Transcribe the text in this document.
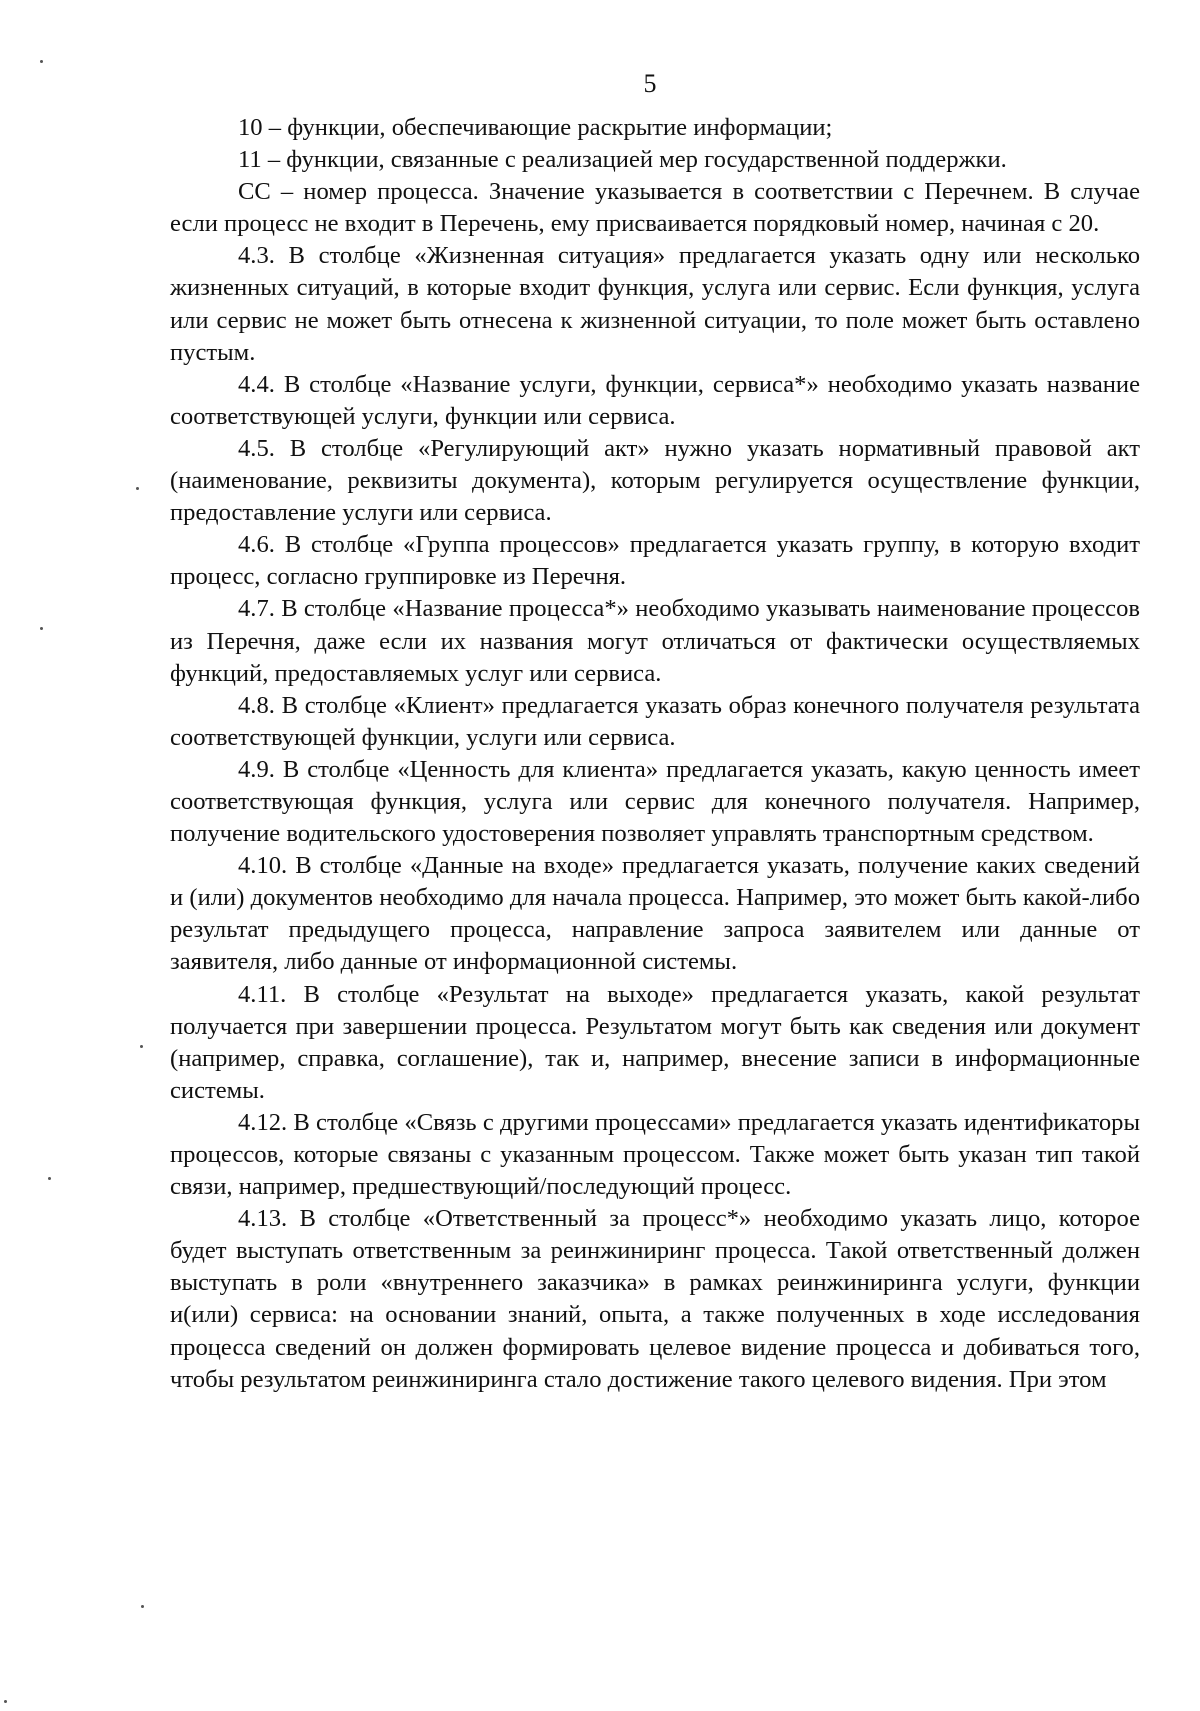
5

10 – функции, обеспечивающие раскрытие информации;

11 – функции, связанные с реализацией мер государственной поддержки.

СС – номер процесса. Значение указывается в соответствии с Перечнем. В случае если процесс не входит в Перечень, ему присваивается порядковый номер, начиная с 20.

4.3. В столбце «Жизненная ситуация» предлагается указать одну или несколько жизненных ситуаций, в которые входит функция, услуга или сервис. Если функция, услуга или сервис не может быть отнесена к жизненной ситуации, то поле может быть оставлено пустым.

4.4. В столбце «Название услуги, функции, сервиса*» необходимо указать название соответствующей услуги, функции или сервиса.

4.5. В столбце «Регулирующий акт» нужно указать нормативный правовой акт (наименование, реквизиты документа), которым регулируется осуществление функции, предоставление услуги или сервиса.

4.6. В столбце «Группа процессов» предлагается указать группу, в которую входит процесс, согласно группировке из Перечня.

4.7. В столбце «Название процесса*» необходимо указывать наименование процессов из Перечня, даже если их названия могут отличаться от фактически осуществляемых функций, предоставляемых услуг или сервиса.

4.8. В столбце «Клиент» предлагается указать образ конечного получателя результата соответствующей функции, услуги или сервиса.

4.9. В столбце «Ценность для клиента» предлагается указать, какую ценность имеет соответствующая функция, услуга или сервис для конечного получателя. Например, получение водительского удостоверения позволяет управлять транспортным средством.

4.10. В столбце «Данные на входе» предлагается указать, получение каких сведений и (или) документов необходимо для начала процесса. Например, это может быть какой-либо результат предыдущего процесса, направление запроса заявителем или данные от заявителя, либо данные от информационной системы.

4.11. В столбце «Результат на выходе» предлагается указать, какой результат получается при завершении процесса. Результатом могут быть как сведения или документ (например, справка, соглашение), так и, например, внесение записи в информационные системы.

4.12. В столбце «Связь с другими процессами» предлагается указать идентификаторы процессов, которые связаны с указанным процессом. Также может быть указан тип такой связи, например, предшествующий/последующий процесс.

4.13. В столбце «Ответственный за процесс*» необходимо указать лицо, которое будет выступать ответственным за реинжиниринг процесса. Такой ответственный должен выступать в роли «внутреннего заказчика» в рамках реинжиниринга услуги, функции и(или) сервиса: на основании знаний, опыта, а также полученных в ходе исследования процесса сведений он должен формировать целевое видение процесса и добиваться того, чтобы результатом реинжиниринга стало достижение такого целевого видения. При этом
